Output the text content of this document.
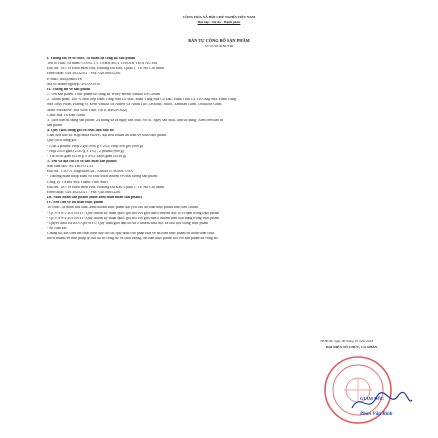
CỘNG HÒA XÃ HỘI CHỦ NGHĨA VIỆT NAM
Độc lập - Tự do - Hạnh phúc
BẢN TỰ CÔNG BỐ SẢN PHẨM
Số: 01/2018/NUTRI
I. Thông tin về tổ chức, cá nhân tự công bố sản phẩm
Tên tổ chức, cá nhân: CÔNG TY TNHH MỘT THÀNH VIÊN NUTRI
Địa chỉ: 187/19 Điện Biên Phủ, Phường Đa Kao, Quận 1, TP. Hồ Chí Minh
Điện thoại: 028.38232311 / Fax: 028.66652281
E-mail: info@nutri.vn
Mã số doanh nghiệp: 0313331818
II. Thông tin về sản phẩm
1. Tên sản phẩm: Thực phẩm bổ sung RI Whey Blend Vanilla Ice Cream
2. Thành phần: 100 % Hỗn hợp Đạm Váng Sữa Cô Đặc, Đạm Váng Sữa Cô Đặc, Đạm Tách Ly Từ Váng Sữa, Đạm Váng
Sữa Thủy Phân, Hương Vị Kem Vanilla Tự Nhiên Và Nhân Tạo, Lecithin, Muối, Xanthan Gum, Cellulose Gum,
Muối Sucralose, Bột Acid Thực Vật (Ca(H2PO4)2)
Chứa Sữa Và Đậu Nành
3. Thời hạn sử dụng sản phẩm: 24 tháng kể từ ngày sản xuất. Số lô, Ngày sản xuất, hạn sử dụng: Xem trên bao bì
sản phẩm
4. Quy cách đóng gói và chất liệu bao bì:
Chất liệu bao bì: Hộp nhựa HDPE, đạt tiêu chuẩn an toàn vệ sinh thực phẩm.
Quy cách đóng gói:
- Loại 2 pound: Hộp 2 gói (908 g ± 2%); Hộp 908 gói (908 g)
- Hộp 2310 gam (2310 g ± 2%) ; 2 pound (908 g)
- Túi 4536 gam (4536 g ± 2%); 4488 gam (4536 g)
5. Tên và địa chỉ cơ sở sản xuất sản phẩm:
Sản xuất bởi: NUTRIVO LLC
Địa chỉ: 1785 N. Edgelawn Dr., Aurora IL 60506, USA
- Thương nhân nhập khẩu và chịu trách nhiệm về chất lượng sản phẩm:
Công Ty TNHH Một Thành Viên Nutri
Địa chỉ: 187/19 Điện Biên Phủ, Phường Đa Kao, Quận 1, TP. Hồ Chí Minh
Điện thoại: 028.38232311 / Fax: 028.66652281
III. Mẫu nhãn sản phẩm (đính kèm mẫu nhãn sản phẩm)
IV. Yêu cầu về an toàn thực phẩm
Tổ chức, cá nhân sản xuất, kinh doanh thực phẩm đạt yêu cầu an toàn thực phẩm theo tiêu chuẩn:
- QCVN 8-1:2011/BYT: Quy chuẩn kỹ thuật quốc gia đối với giới hạn ô nhiễm độc tố vi nấm trong thực phẩm
- QCVN 8-2:2011/BYT: Quy chuẩn kỹ thuật quốc gia đối với giới hạn ô nhiễm kim loại nặng trong thực phẩm
- Quyết định 46/2007/QĐ-BYT: Quy định giới hạn tối đa ô nhiễm sinh học và hóa học trong thực phẩm
- Số cam kết
Chúng tôi xin cam kết thực hiện đầy đủ các quy định của pháp luật về an toàn thực phẩm và hoàn toàn chịu
trách nhiệm về tính pháp lý của hồ sơ công bố và chất lượng, an toàn thực phẩm đối với sản phẩm đã công bố.
TP.HCM, ngày 06 tháng 07 năm 2018
ĐẠI DIỆN TỔ CHỨC, CÁ NHÂN
GIÁM ĐỐC
Phan Văn Bình
